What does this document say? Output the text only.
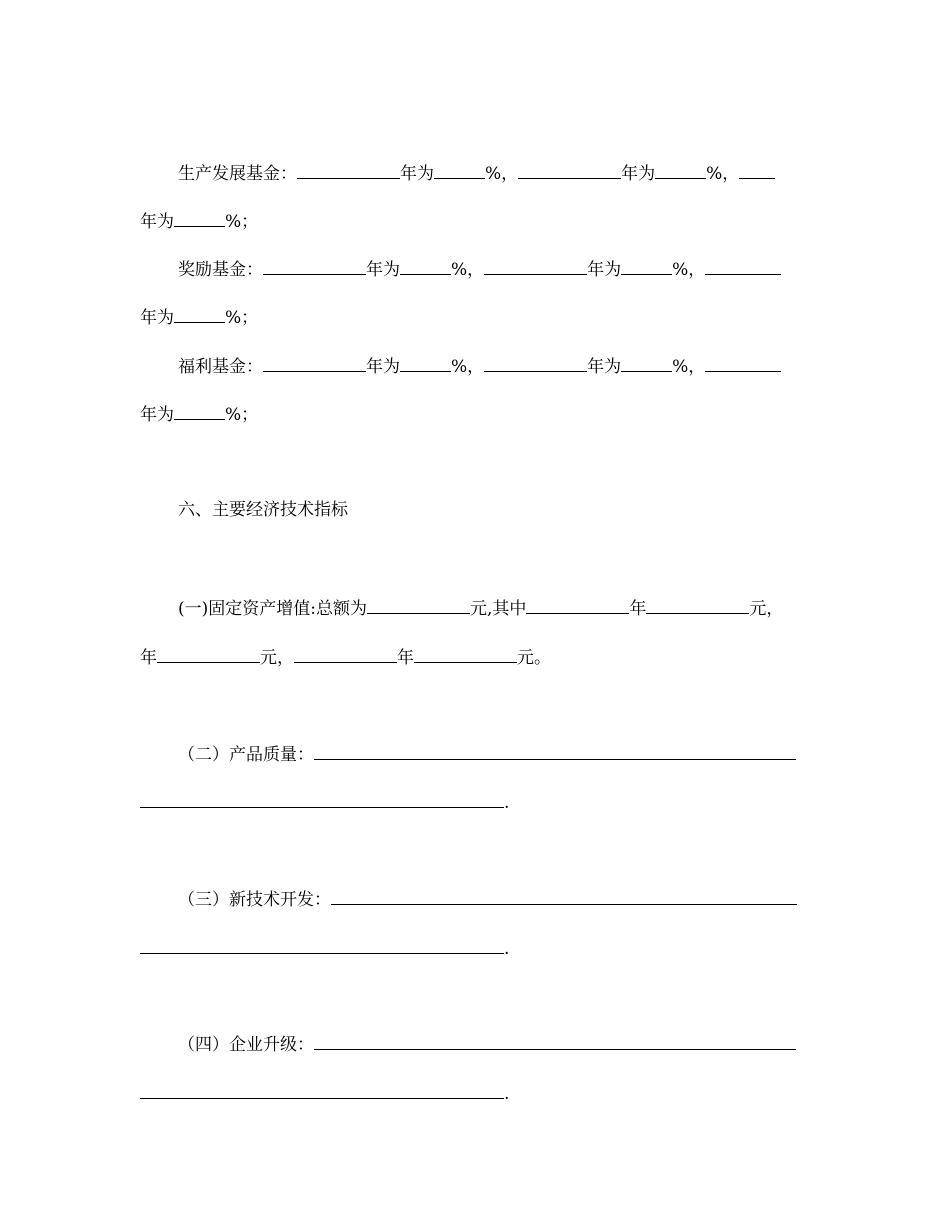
生产发展基金：	年为	%，	年为	%，
年为	%；
奖励基金：	年为	%，	年为	%，
年为	%；
福利基金：	年为	%，	年为	%，
年为	%；
六、主要经济技术指标
(一)固定资产增值:总额为	元,其中	年	元，
年	元，	年	元。
（二）产品质量：
.
（三）新技术开发：
.
（四）企业升级：
.
